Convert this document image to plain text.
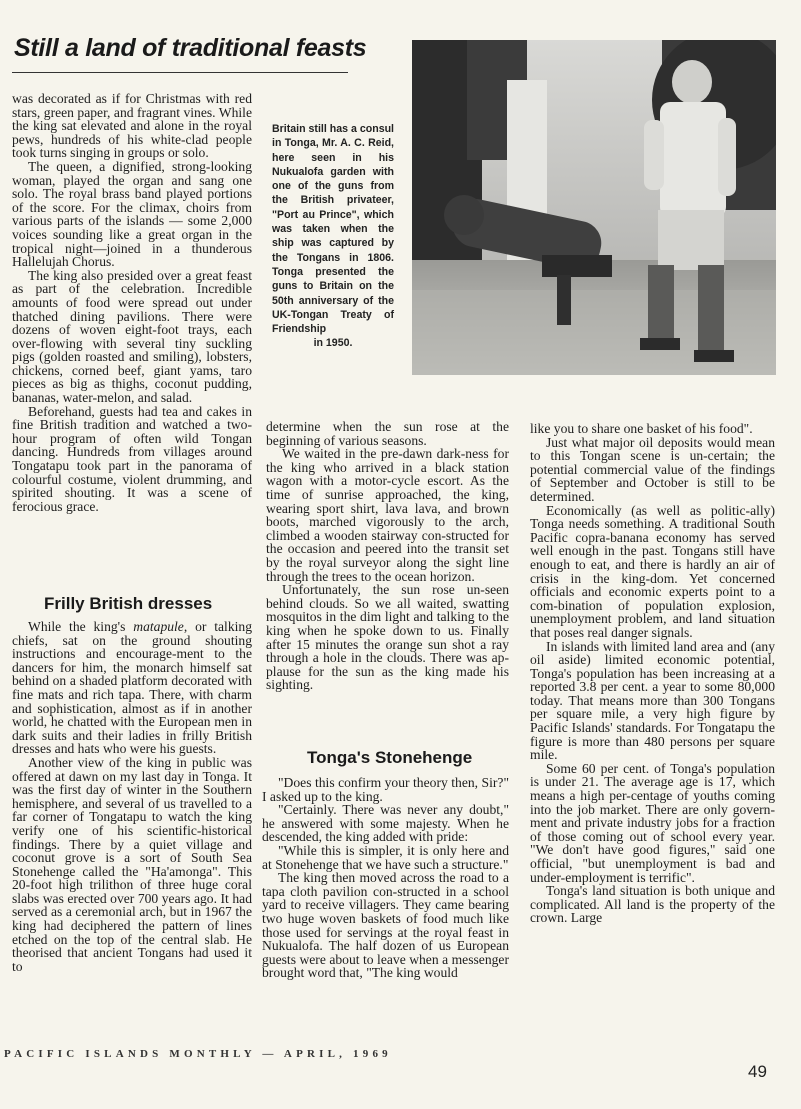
Still a land of traditional feasts
Britain still has a consul in Tonga, Mr. A. C. Reid, here seen in his Nukualofa garden with one of the guns from the British privateer, "Port au Prince", which was taken when the ship was captured by the Tongans in 1806. Tonga presented the guns to Britain on the 50th anniversary of the UK-Tongan Treaty of Friendship
in 1950.

was decorated as if for Christmas with red stars, green paper, and fragrant vines. While the king sat elevated and alone in the royal pews, hundreds of his white-clad people took turns singing in groups or solo.

The queen, a dignified, strong-looking woman, played the organ and sang one solo. The royal brass band played portions of the score. For the climax, choirs from various parts of the islands — some 2,000 voices sounding like a great organ in the tropical night—joined in a thunderous Hallelujah Chorus.

The king also presided over a great feast as part of the celebration. Incredible amounts of food were spread out under thatched dining pavilions. There were dozens of woven eight-foot trays, each over-flowing with several tiny suckling pigs (golden roasted and smiling), lobsters, chickens, corned beef, giant yams, taro pieces as big as thighs, coconut pudding, bananas, water-melon, and salad.

Beforehand, guests had tea and cakes in fine British tradition and watched a two-hour program of often wild Tongan dancing. Hundreds from villages around Tongatapu took part in the panorama of colourful costume, violent drumming, and spirited shouting. It was a scene of ferocious grace.

Frilly British dresses

While the king's matapule, or talking chiefs, sat on the ground shouting instructions and encourage-ment to the dancers for him, the monarch himself sat behind on a shaded platform decorated with fine mats and rich tapa. There, with charm and sophistication, almost as if in another world, he chatted with the European men in dark suits and their ladies in frilly British dresses and hats who were his guests.

Another view of the king in public was offered at dawn on my last day in Tonga. It was the first day of winter in the Southern hemisphere, and several of us travelled to a far corner of Tongatapu to watch the king verify one of his scientific-historical findings. There by a quiet village and coconut grove is a sort of South Sea Stonehenge called the "Ha'amonga". This 20-foot high trilithon of three huge coral slabs was erected over 700 years ago. It had served as a ceremonial arch, but in 1967 the king had deciphered the pattern of lines etched on the top of the central slab. He theorised that ancient Tongans had used it to

determine when the sun rose at the beginning of various seasons.

We waited in the pre-dawn dark-ness for the king who arrived in a black station wagon with a motor-cycle escort. As the time of sunrise approached, the king, wearing sport shirt, lava lava, and brown boots, marched vigorously to the arch, climbed a wooden stairway con-structed for the occasion and peered into the transit set by the royal surveyor along the sight line through the trees to the ocean horizon.

Unfortunately, the sun rose un-seen behind clouds. So we all waited, swatting mosquitos in the dim light and talking to the king when he spoke down to us. Finally after 15 minutes the orange sun shot a ray through a hole in the clouds. There was ap-plause for the sun as the king made his sighting.

Tonga's Stonehenge

"Does this confirm your theory then, Sir?" I asked up to the king.

"Certainly. There was never any doubt," he answered with some majesty. When he descended, the king added with pride:

"While this is simpler, it is only here and at Stonehenge that we have such a structure."

The king then moved across the road to a tapa cloth pavilion con-structed in a school yard to receive villagers. They came bearing two huge woven baskets of food much like those used for servings at the royal feast in Nukualofa. The half dozen of us European guests were about to leave when a messenger brought word that, "The king would

like you to share one basket of his food".

Just what major oil deposits would mean to this Tongan scene is un-certain; the potential commercial value of the findings of September and October is still to be determined.

Economically (as well as politic-ally) Tonga needs something. A traditional South Pacific copra-banana economy has served well enough in the past. Tongans still have enough to eat, and there is hardly an air of crisis in the king-dom. Yet concerned officials and economic experts point to a com-bination of population explosion, unemployment problem, and land situation that poses real danger signals.

In islands with limited land area and (any oil aside) limited economic potential, Tonga's population has been increasing at a reported 3.8 per cent. a year to some 80,000 today. That means more than 300 Tongans per square mile, a very high figure by Pacific Islands' standards. For Tongatapu the figure is more than 480 persons per square mile.

Some 60 per cent. of Tonga's population is under 21. The average age is 17, which means a high per-centage of youths coming into the job market. There are only govern-ment and private industry jobs for a fraction of those coming out of school every year. "We don't have good figures," said one official, "but unemployment is bad and under-employment is terrific".

Tonga's land situation is both unique and complicated. All land is the property of the crown. Large

PACIFIC ISLANDS MONTHLY — APRIL, 1969
49
